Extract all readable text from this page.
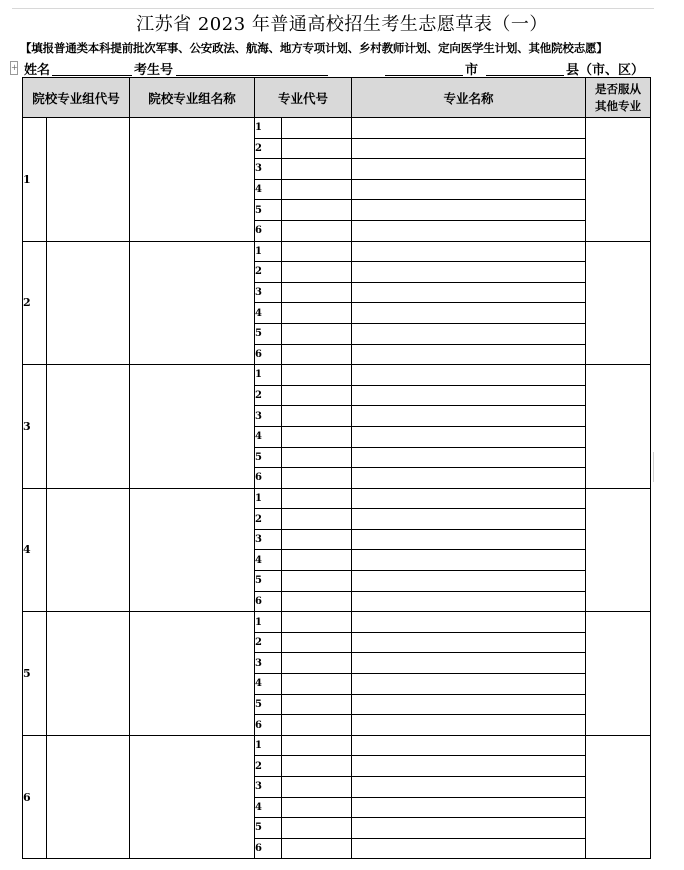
江苏省 2023 年普通高校招生考生志愿草表（一）
【填报普通类本科提前批次军事、公安政法、航海、地方专项计划、乡村教师计划、定向医学生计划、其他院校志愿】
+ 姓名	考生号	市	县（市、区）
院校专业组代号		院校专业组名称	专业代号		专业名称	是否服从
其他专业

1			1			
			2			
			3			
			4			
			5			
			6			
2			1			
			2			
			3			
			4			
			5			
			6			
3			1			
			2			
			3			
			4			
			5			
			6			
4			1			
			2			
			3			
			4			
			5			
			6			
5			1			
			2			
			3			
			4			
			5			
			6			
6			1			
			2			
			3			
			4			
			5			
			6			
